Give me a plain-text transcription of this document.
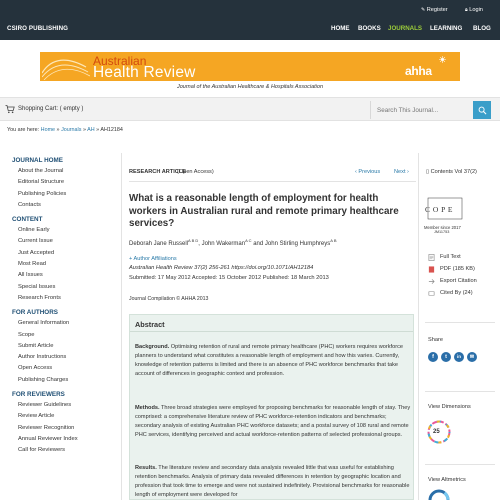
CSIRO PUBLISHING
✎ Register	🔒︎ Login
HOME BOOKS JOURNALS LEARNING BLOG
Australian
Health Review	ahha
Journal of the Australian Healthcare & Hospitals Association
Shopping Cart: ( empty )
Search This Journal...
You are here: Home » Journals » AH » AH12184
JOURNAL HOME
About the Journal
Editorial Structure
Publishing Policies
Contacts
CONTENT
Online Early
Current Issue
Just Accepted
Most Read
All Issues
Special Issues
Research Fronts
FOR AUTHORS
General Information
Scope
Submit Article
Author Instructions
Open Access
Publishing Charges
FOR REVIEWERS
Reviewer Guidelines
Review Article
Reviewer Recognition
Annual Reviewer Index
Call for Reviewers
RESEARCH ARTICLE
(Open Access)	‹ Previous Next ›
What is a reasonable length of employment for health workers in Australian rural and remote primary healthcare services?
Deborah Jane Russell$^{A B D}$, John Wakerman$^{A C}$ and John Stirling Humphreys$^{A B}$
+ Author Affiliations
Australian Health Review 37(2) 256-261 https://doi.org/10.1071/AH12184
Submitted: 17 May 2012 Accepted: 15 October 2012 Published: 18 March 2013
Journal Compilation © AHHA 2013
Abstract

Background. Optimising retention of rural and remote primary healthcare (PHC) workers requires workforce planners to understand what constitutes a reasonable length of employment and how this varies. Currently, knowledge of retention patterns is limited and there is an absence of PHC workforce benchmarks that take account of differences in geographic context and profession.

Methods. Three broad strategies were employed for proposing benchmarks for reasonable length of stay. They comprised: a comprehensive literature review of PHC workforce-retention indicators and benchmarks; secondary analysis of existing Australian PHC workforce datasets; and a postal survey of 108 rural and remote PHC services, identifying perceived and actual workforce-retention patterns of selected professional groups.

Results. The literature review and secondary data analysis revealed little that was useful for establishing retention benchmarks. Analysis of primary data revealed differences in retention by geographic location and profession that took time to emerge and were not sustained indefinitely. Provisional benchmarks for reasonable length of employment were developed for

▯ Contents Vol 37(2)
C O P E
Member since 2017
JM11753
Full Text
PDF (185 KB)
Export Citation
Cited By (24)
Share
f	t	in	✉
View Dimensions
25
View Altmetrics
